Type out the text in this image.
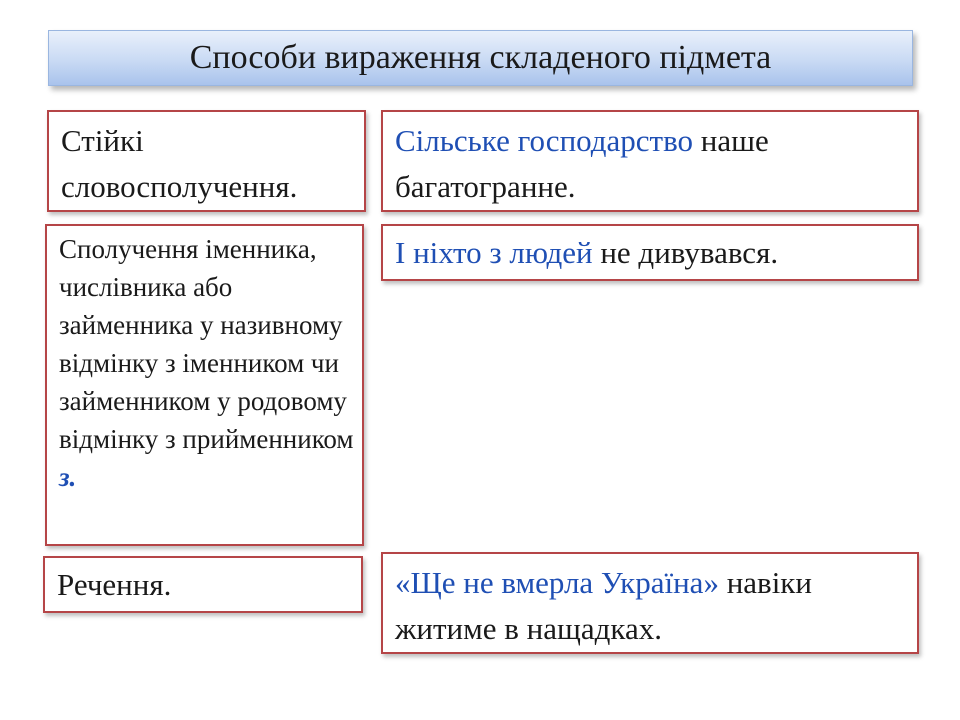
Способи вираження складеного підмета
Стійкі словосполучення.
Сільське господарство наше багатогранне.
Сполучення іменника, числівника або займенника у називному відмінку з іменником чи займенником у родовому відмінку з прийменником з.
І ніхто з людей не дивувався.
Речення.	«Ще не вмерла Україна» навіки житиме в нащадках.
